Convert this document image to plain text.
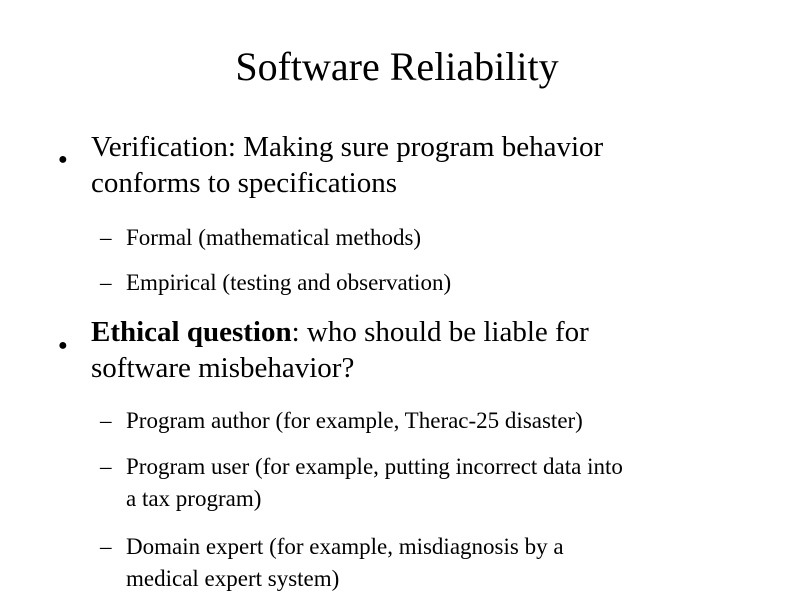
Software Reliability
● Verification: Making sure program behavior
conforms to specifications
– Formal (mathematical methods)
– Empirical (testing and observation)
● Ethical question: who should be liable for
software misbehavior?
– Program author (for example, Therac-25 disaster)
– Program user (for example, putting incorrect data into
a tax program)
– Domain expert (for example, misdiagnosis by a
medical expert system)
